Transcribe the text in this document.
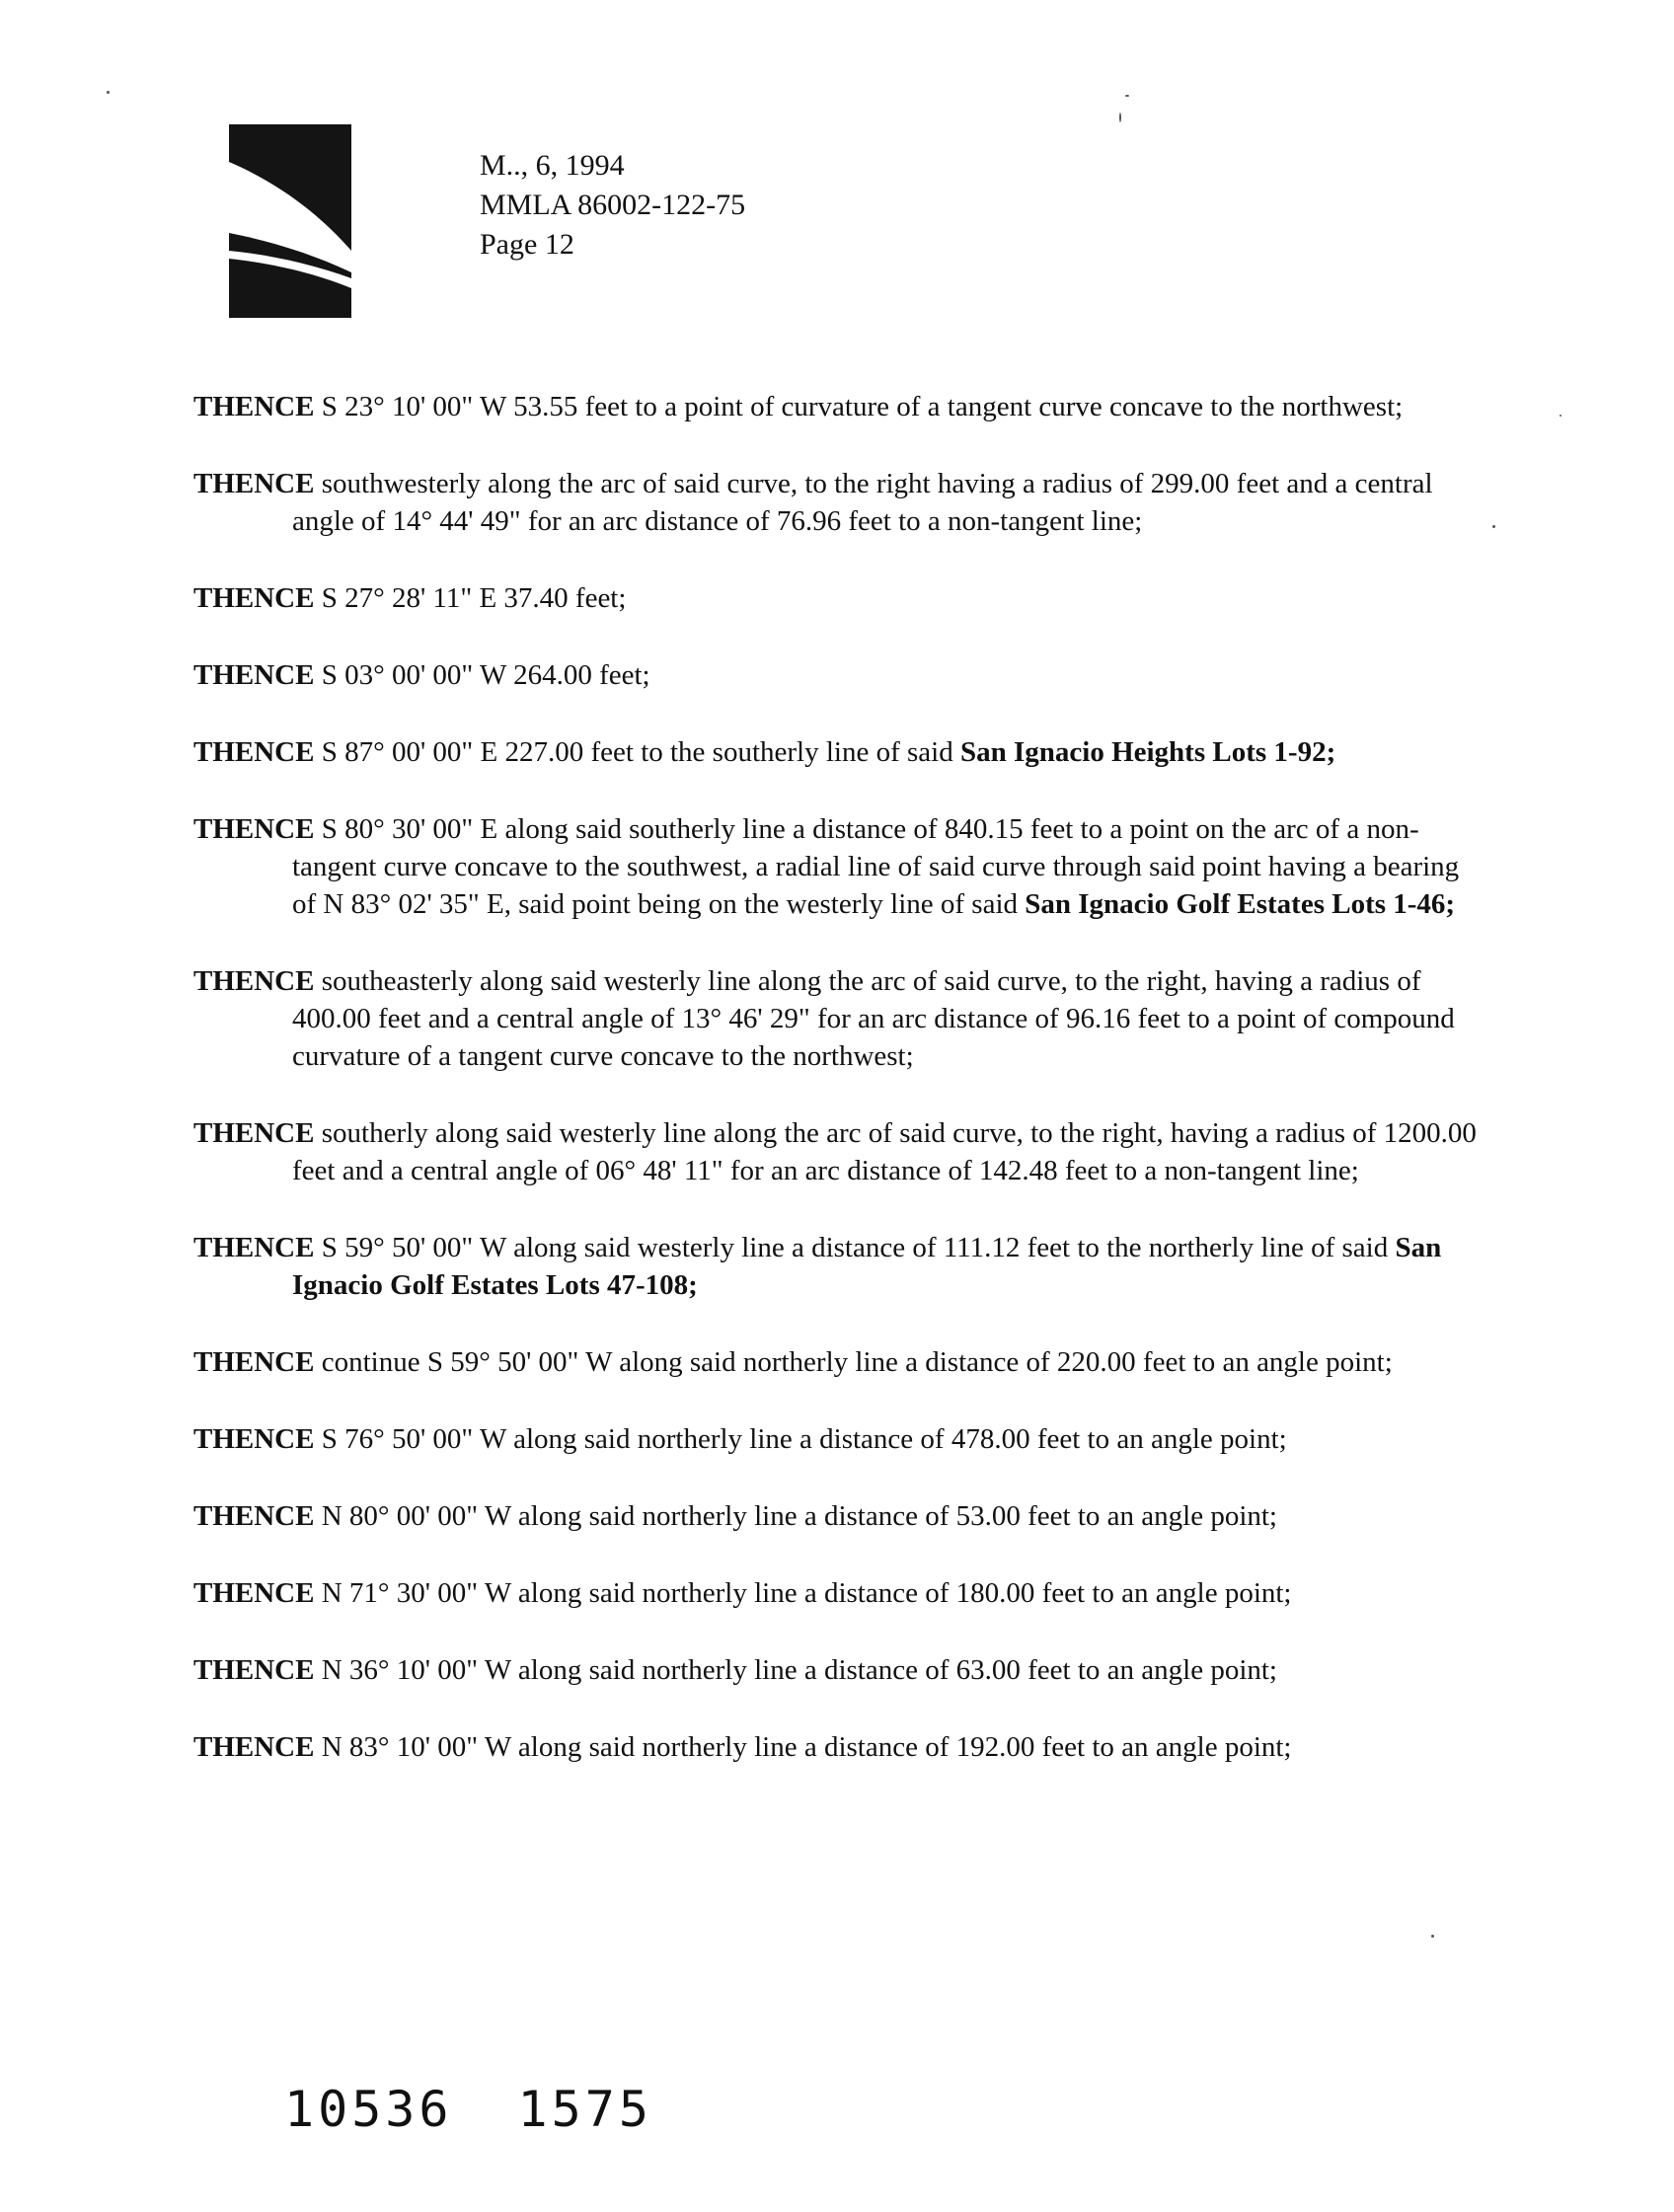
M.., 6, 1994
MMLA 86002-122-75
Page 12

THENCE S 23° 10' 00" W 53.55 feet to a point of curvature of a tangent curve concave to the northwest;

THENCE southwesterly along the arc of said curve, to the right having a radius of 299.00 feet and a central angle of 14° 44' 49" for an arc distance of 76.96 feet to a non-tangent line;

THENCE S 27° 28' 11" E 37.40 feet;

THENCE S 03° 00' 00" W 264.00 feet;

THENCE S 87° 00' 00" E 227.00 feet to the southerly line of said San Ignacio Heights Lots 1-92;

THENCE S 80° 30' 00" E along said southerly line a distance of 840.15 feet to a point on the arc of a non-tangent curve concave to the southwest, a radial line of said curve through said point having a bearing of N 83° 02' 35" E, said point being on the westerly line of said San Ignacio Golf Estates Lots 1-46;

THENCE southeasterly along said westerly line along the arc of said curve, to the right, having a radius of 400.00 feet and a central angle of 13° 46' 29" for an arc distance of 96.16 feet to a point of compound curvature of a tangent curve concave to the northwest;

THENCE southerly along said westerly line along the arc of said curve, to the right, having a radius of 1200.00 feet and a central angle of 06° 48' 11" for an arc distance of 142.48 feet to a non-tangent line;

THENCE S 59° 50' 00" W along said westerly line a distance of 111.12 feet to the northerly line of said San Ignacio Golf Estates Lots 47-108;

THENCE continue S 59° 50' 00" W along said northerly line a distance of 220.00 feet to an angle point;

THENCE S 76° 50' 00" W along said northerly line a distance of 478.00 feet to an angle point;

THENCE N 80° 00' 00" W along said northerly line a distance of 53.00 feet to an angle point;

THENCE N 71° 30' 00" W along said northerly line a distance of 180.00 feet to an angle point;

THENCE N 36° 10' 00" W along said northerly line a distance of 63.00 feet to an angle point;

THENCE N 83° 10' 00" W along said northerly line a distance of 192.00 feet to an angle point;

10536 1575
